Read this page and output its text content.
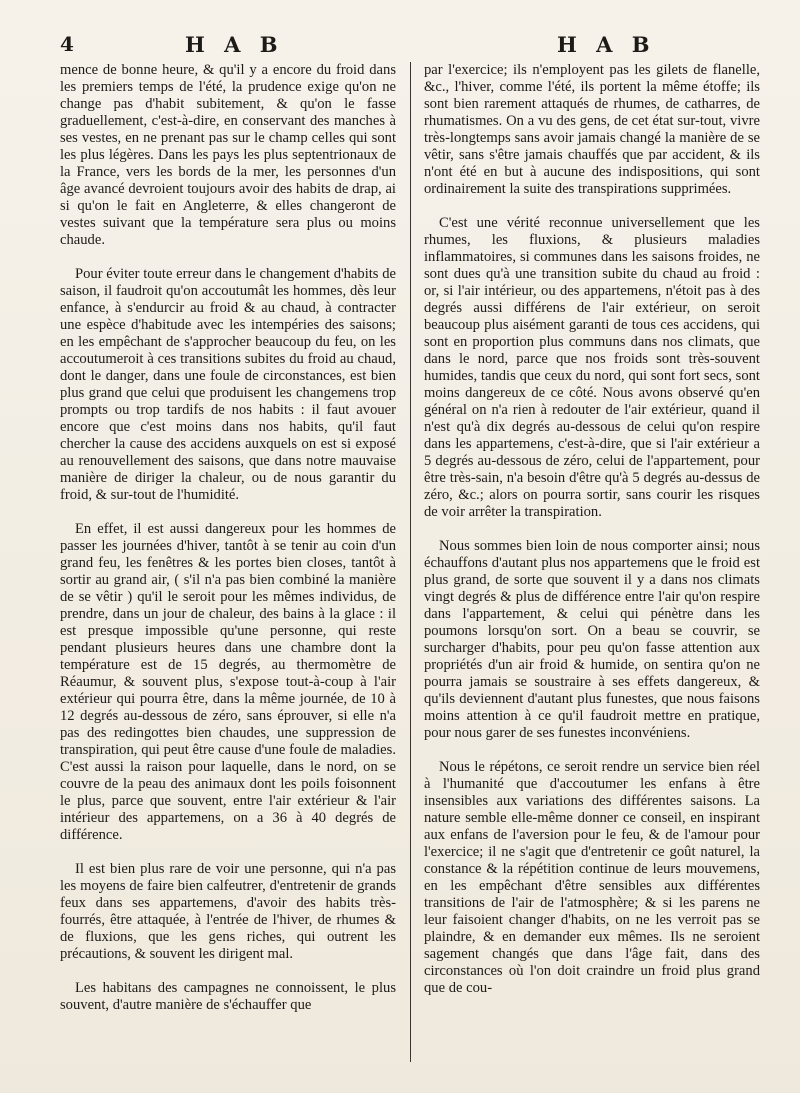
4	H A B	H A B

mence de bonne heure, & qu'il y a encore du froid dans les premiers temps de l'été, la prudence exige qu'on ne change pas d'habit subitement, & qu'on le fasse graduellement, c'est-à-dire, en conservant des manches à ses vestes, en ne prenant pas sur le champ celles qui sont les plus légères. Dans les pays les plus septentrionaux de la France, vers les bords de la mer, les personnes d'un âge avancé devroient toujours avoir des habits de drap, ai si qu'on le fait en Angleterre, & elles changeront de vestes suivant que la température sera plus ou moins chaude.

Pour éviter toute erreur dans le changement d'habits de saison, il faudroit qu'on accoutumât les hommes, dès leur enfance, à s'endurcir au froid & au chaud, à contracter une espèce d'habitude avec les intempéries des saisons; en les empêchant de s'approcher beaucoup du feu, on les accoutumeroit à ces transitions subites du froid au chaud, dont le danger, dans une foule de circonstances, est bien plus grand que celui que produisent les changemens trop prompts ou trop tardifs de nos habits : il faut avouer encore que c'est moins dans nos habits, qu'il faut chercher la cause des accidens auxquels on est si exposé au renouvellement des saisons, que dans notre mauvaise manière de diriger la chaleur, ou de nous garantir du froid, & sur-tout de l'humidité.

En effet, il est aussi dangereux pour les hommes de passer les journées d'hiver, tantôt à se tenir au coin d'un grand feu, les fenêtres & les portes bien closes, tantôt à sortir au grand air, ( s'il n'a pas bien combiné la manière de se vêtir ) qu'il le seroit pour les mêmes individus, de prendre, dans un jour de chaleur, des bains à la glace : il est presque impossible qu'une personne, qui reste pendant plusieurs heures dans une chambre dont la température est de 15 degrés, au thermomètre de Réaumur, & souvent plus, s'expose tout-à-coup à l'air extérieur qui pourra être, dans la même journée, de 10 à 12 degrés au-dessous de zéro, sans éprouver, si elle n'a pas des redingottes bien chaudes, une suppression de transpiration, qui peut être cause d'une foule de maladies. C'est aussi la raison pour laquelle, dans le nord, on se couvre de la peau des animaux dont les poils foisonnent le plus, parce que souvent, entre l'air extérieur & l'air intérieur des appartemens, on a 36 à 40 degrés de différence.

Il est bien plus rare de voir une personne, qui n'a pas les moyens de faire bien calfeutrer, d'entretenir de grands feux dans ses appartemens, d'avoir des habits très-fourrés, être attaquée, à l'entrée de l'hiver, de rhumes & de fluxions, que les gens riches, qui outrent les précautions, & souvent les dirigent mal.

Les habitans des campagnes ne connoissent, le plus souvent, d'autre manière de s'échauffer que

par l'exercice; ils n'employent pas les gilets de flanelle, &c., l'hiver, comme l'été, ils portent la même étoffe; ils sont bien rarement attaqués de rhumes, de catharres, de rhumatismes. On a vu des gens, de cet état sur-tout, vivre très-longtemps sans avoir jamais changé la manière de se vêtir, sans s'être jamais chauffés que par accident, & ils n'ont été en but à aucune des indispositions, qui sont ordinairement la suite des transpirations supprimées.

C'est une vérité reconnue universellement que les rhumes, les fluxions, & plusieurs maladies inflammatoires, si communes dans les saisons froides, ne sont dues qu'à une transition subite du chaud au froid : or, si l'air intérieur, ou des appartemens, n'étoit pas à des degrés aussi différens de l'air extérieur, on seroit beaucoup plus aisément garanti de tous ces accidens, qui sont en proportion plus communs dans nos climats, que dans le nord, parce que nos froids sont très-souvent humides, tandis que ceux du nord, qui sont fort secs, sont moins dangereux de ce côté. Nous avons observé qu'en général on n'a rien à redouter de l'air extérieur, quand il n'est qu'à dix degrés au-dessous de celui qu'on respire dans les appartemens, c'est-à-dire, que si l'air extérieur a 5 degrés au-dessous de zéro, celui de l'appartement, pour être très-sain, n'a besoin d'être qu'à 5 degrés au-dessus de zéro, &c.; alors on pourra sortir, sans courir les risques de voir arrêter la transpiration.

Nous sommes bien loin de nous comporter ainsi; nous échauffons d'autant plus nos appartemens que le froid est plus grand, de sorte que souvent il y a dans nos climats vingt degrés & plus de différence entre l'air qu'on respire dans l'appartement, & celui qui pénètre dans les poumons lorsqu'on sort. On a beau se couvrir, se surcharger d'habits, pour peu qu'on fasse attention aux propriétés d'un air froid & humide, on sentira qu'on ne pourra jamais se soustraire à ses effets dangereux, & qu'ils deviennent d'autant plus funestes, que nous faisons moins attention à ce qu'il faudroit mettre en pratique, pour nous garer de ses funestes inconvéniens.

Nous le répétons, ce seroit rendre un service bien réel à l'humanité que d'accoutumer les enfans à être insensibles aux variations des différentes saisons. La nature semble elle-même donner ce conseil, en inspirant aux enfans de l'aversion pour le feu, & de l'amour pour l'exercice; il ne s'agit que d'entretenir ce goût naturel, la constance & la répétition continue de leurs mouvemens, en les empêchant d'être sensibles aux différentes transitions de l'air de l'atmosphère; & si les parens ne leur faisoient changer d'habits, on ne les verroit pas se plaindre, & en demander eux mêmes. Ils ne seroient sagement changés que dans l'âge fait, dans des circonstances où l'on doit craindre un froid plus grand que de cou-
